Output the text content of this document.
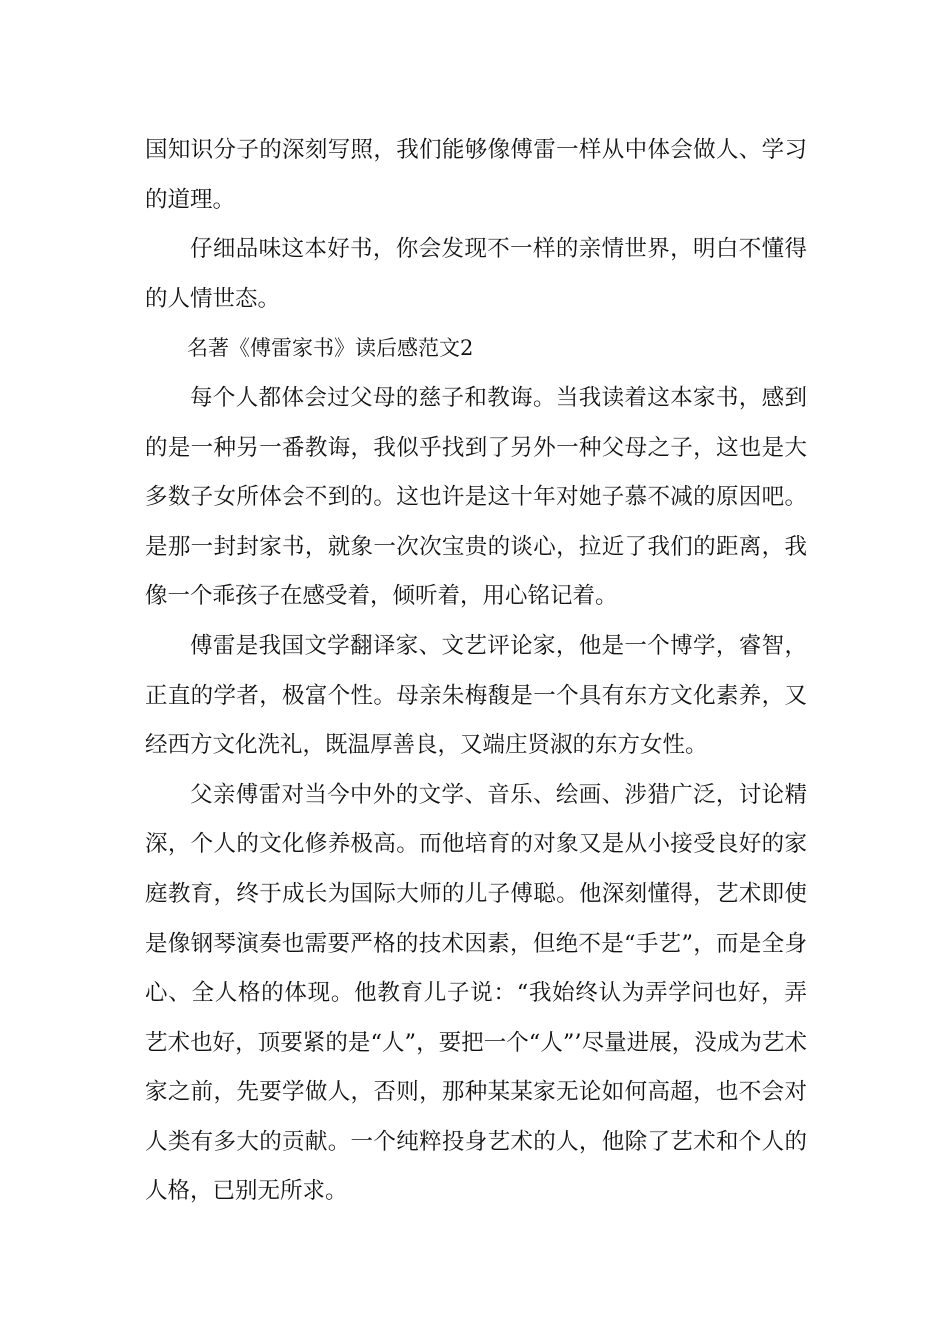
国知识分子的深刻写照，我们能够像傅雷一样从中体会做人、学习的道理。

仔细品味这本好书，你会发现不一样的亲情世界，明白不懂得的人情世态。

名著《傅雷家书》读后感范文2

每个人都体会过父母的慈子和教诲。当我读着这本家书，感到的是一种另一番教诲，我似乎找到了另外一种父母之子，这也是大多数子女所体会不到的。这也许是这十年对她子慕不减的原因吧。是那一封封家书，就象一次次宝贵的谈心，拉近了我们的距离，我像一个乖孩子在感受着，倾听着，用心铭记着。

傅雷是我国文学翻译家、文艺评论家，他是一个博学，睿智，正直的学者，极富个性。母亲朱梅馥是一个具有东方文化素养，又经西方文化洗礼，既温厚善良，又端庄贤淑的东方女性。

父亲傅雷对当今中外的文学、音乐、绘画、涉猎广泛，讨论精深，个人的文化修养极高。而他培育的对象又是从小接受良好的家庭教育，终于成长为国际大师的儿子傅聪。他深刻懂得，艺术即使是像钢琴演奏也需要严格的技术因素，但绝不是“手艺”，而是全身心、全人格的体现。他教育儿子说：“我始终认为弄学问也好，弄艺术也好，顶要紧的是“人”，要把一个“人”’尽量进展，没成为艺术家之前，先要学做人，否则，那种某某家无论如何高超，也不会对人类有多大的贡献。一个纯粹投身艺术的人，他除了艺术和个人的人格，已别无所求。
